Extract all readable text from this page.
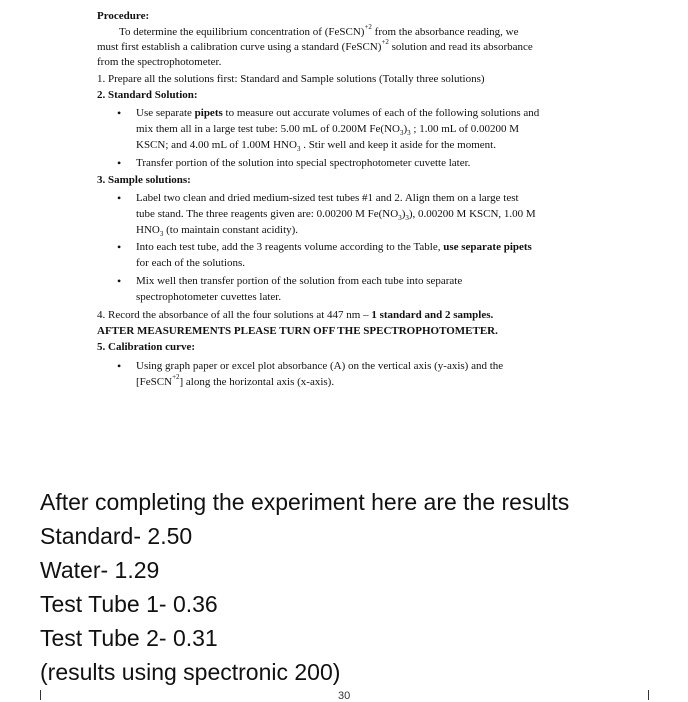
Procedure:
To determine the equilibrium concentration of (FeSCN)$^{+2}$ from the absorbance reading, we
must first establish a calibration curve using a standard (FeSCN)$^{+2}$ solution and read its absorbance
from the spectrophotometer.
1. Prepare all the solutions first: Standard and Sample solutions (Totally three solutions)
2. Standard Solution:
• Use separate pipets to measure out accurate volumes of each of the following solutions and
mix them all in a large test tube: 5.00 mL of 0.200M $Fe(NO_3)_3$ ; 1.00 mL of 0.00200 M
KSCN; and 4.00 mL of 1.00M $HNO_3$ . Stir well and keep it aside for the moment.
• Transfer portion of the solution into special spectrophotometer cuvette later.
3. Sample solutions:
• Label two clean and dried medium-sized test tubes #1 and 2. Align them on a large test
tube stand. The three reagents given are: 0.00200 M $Fe(NO_3)_3$), 0.00200 M KSCN, 1.00 M
$HNO_3$ (to maintain constant acidity).
• Into each test tube, add the 3 reagents volume according to the Table, use separate pipets
for each of the solutions.
• Mix well then transfer portion of the solution from each tube into separate
spectrophotometer cuvettes later.
4. Record the absorbance of all the four solutions at 447 nm – 1 standard and 2 samples.
AFTER MEASUREMENTS PLEASE TURN OFF THE SPECTROPHOTOMETER.
5. Calibration curve:
• Using graph paper or excel plot absorbance (A) on the vertical axis (y-axis) and the
[FeSCN$^{+2}$] along the horizontal axis (x-axis).
After completing the experiment here are the results
Standard- 2.50
Water- 1.29
Test Tube 1- 0.36
Test Tube 2- 0.31
(results using spectronic 200)
30
